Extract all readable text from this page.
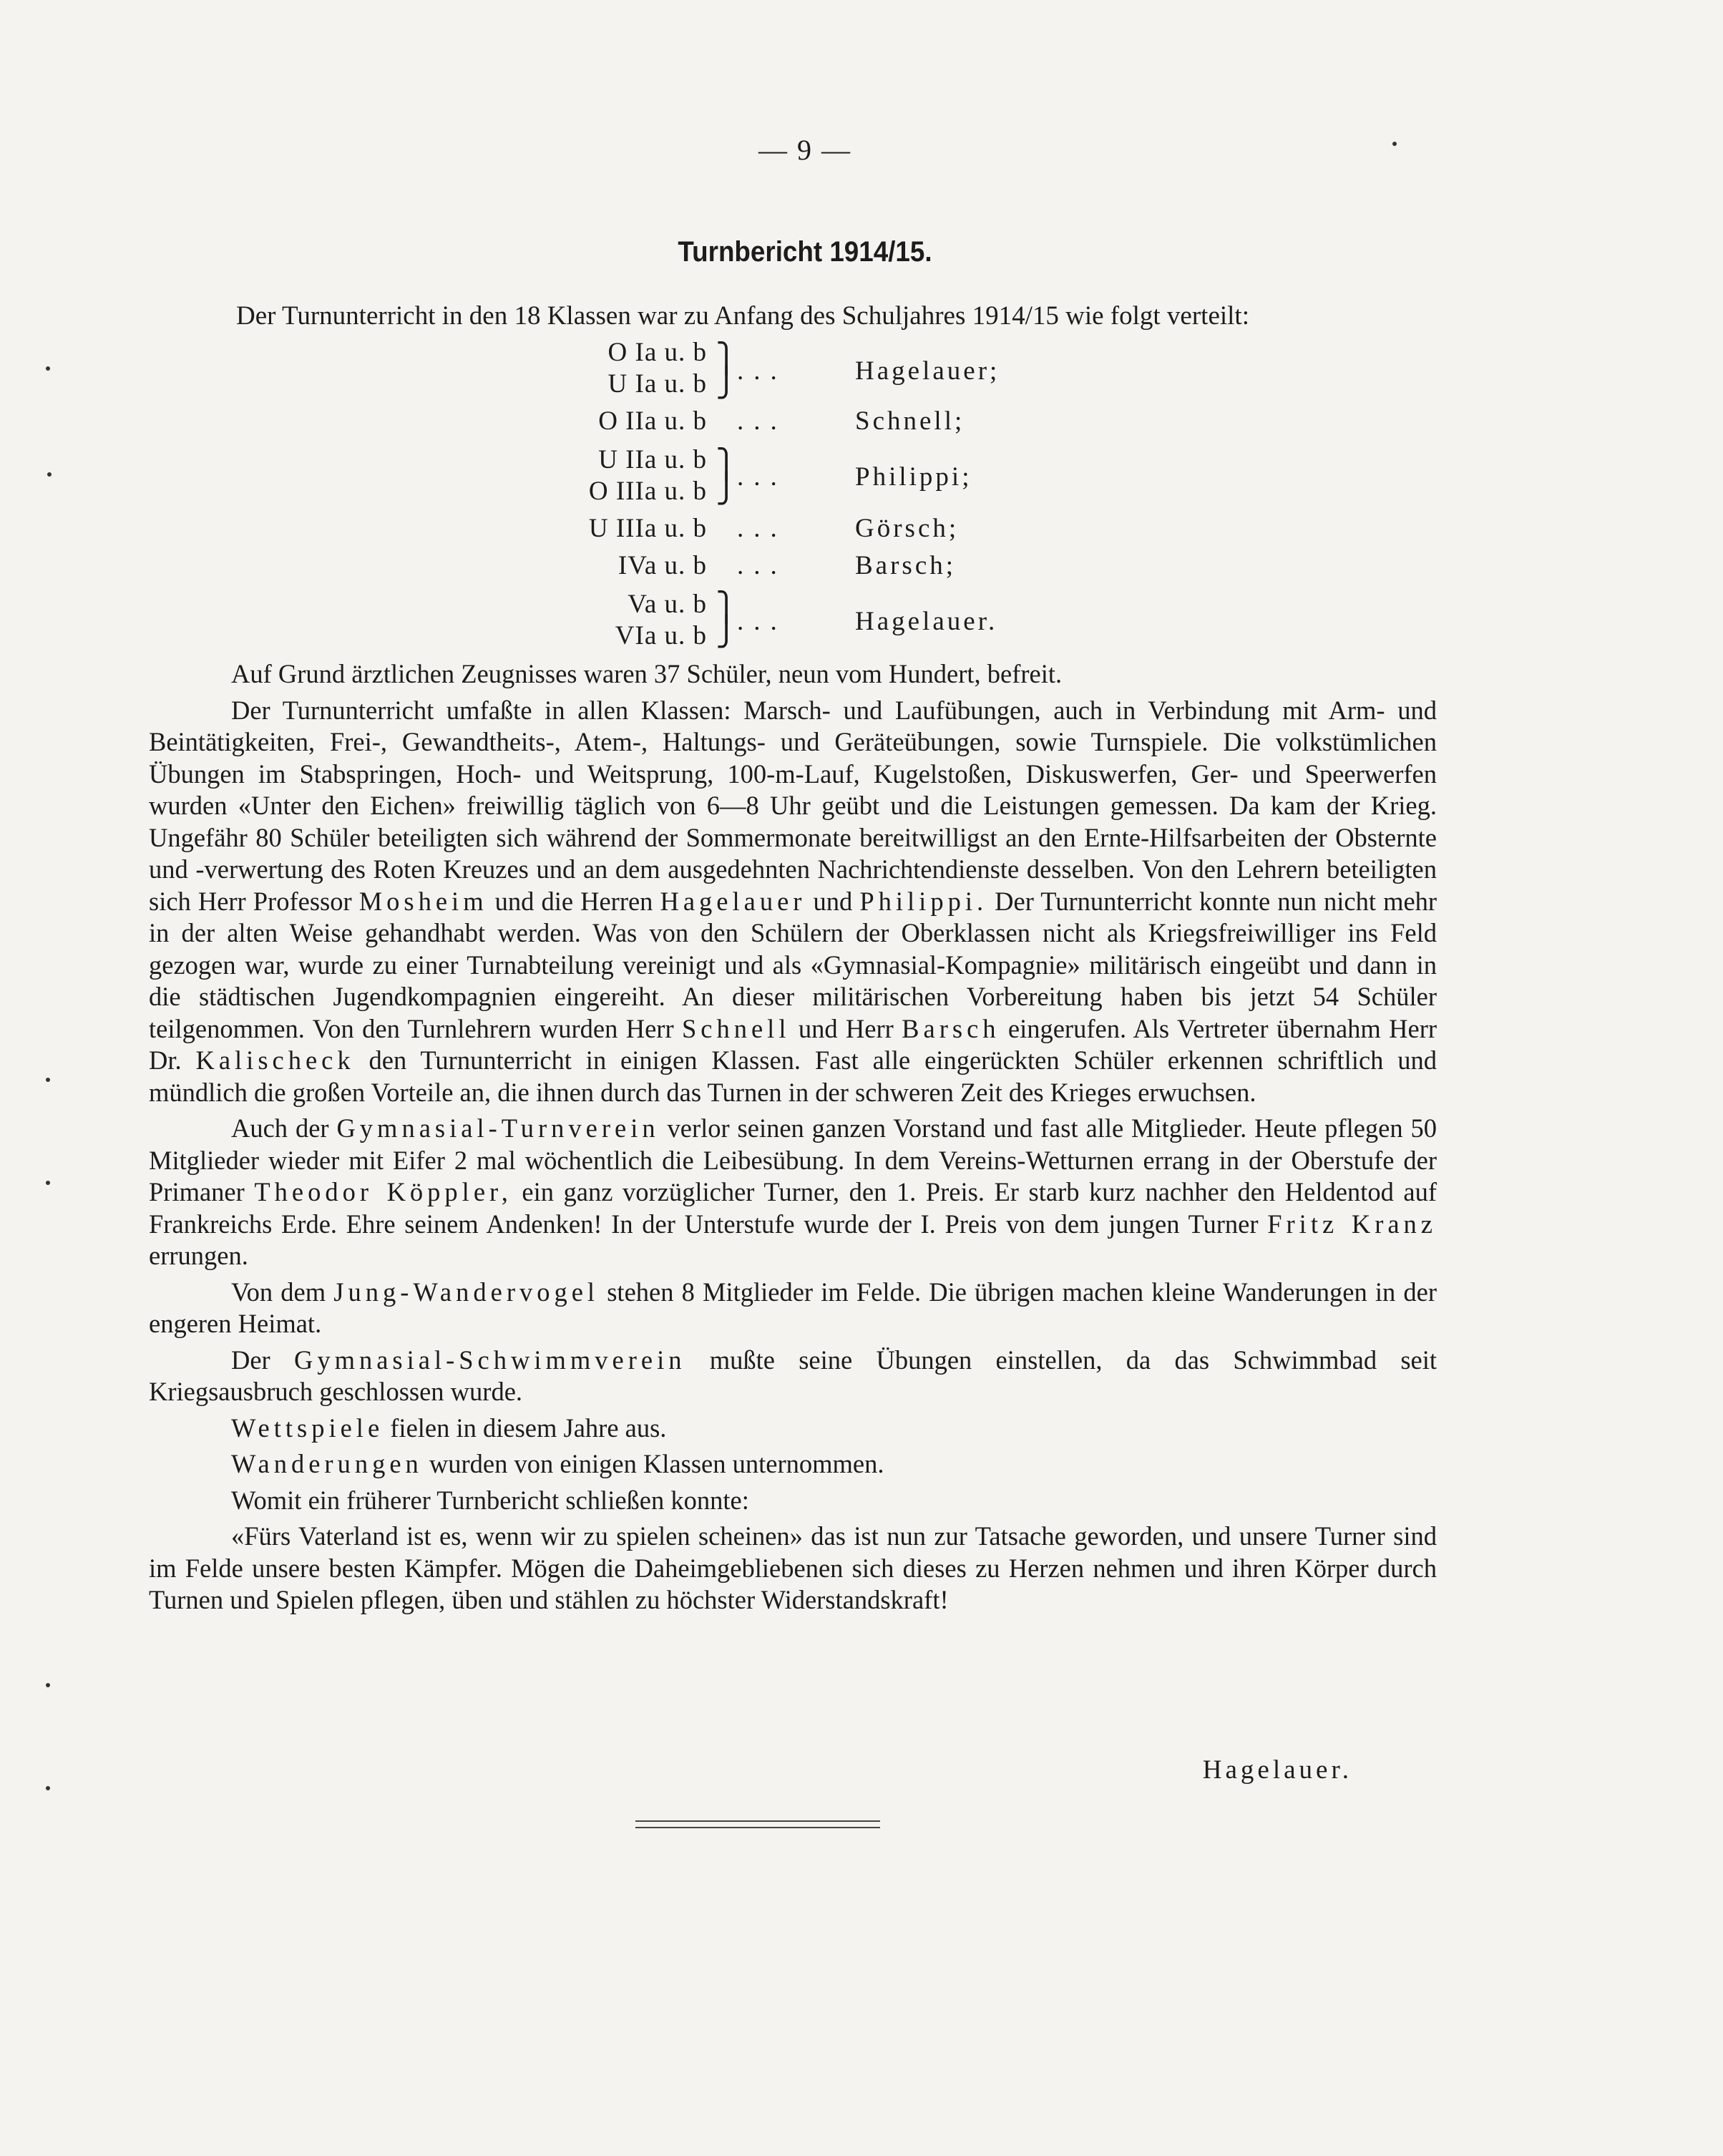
— 9 —
Turnbericht 1914/15.
Der Turnunterricht in den 18 Klassen war zu Anfang des Schuljahres 1914/15 wie folgt verteilt:
O Ia u. b
U Ia u. b
⎫
⎭ ...	Hagelauer;
O IIa u. b ...	Schnell;
U IIa u. b
O IIIa u. b
⎫
⎭ ...	Philippi;
U IIIa u. b ...	Görsch;
IVa u. b ...	Barsch;
Va u. b
VIa u. b
⎫
⎭ ...	Hagelauer.

Auf Grund ärztlichen Zeugnisses waren 37 Schüler, neun vom Hundert, befreit.

Der Turnunterricht umfaßte in allen Klassen: Marsch- und Laufübungen, auch in Verbindung mit Arm- und Beintätigkeiten, Frei-, Gewandtheits-, Atem-, Haltungs- und Geräteübungen, sowie Turnspiele. Die volkstümlichen Übungen im Stabspringen, Hoch- und Weitsprung, 100-m-Lauf, Kugelstoßen, Diskuswerfen, Ger- und Speerwerfen wurden «Unter den Eichen» freiwillig täglich von 6—8 Uhr geübt und die Leistungen gemessen. Da kam der Krieg. Ungefähr 80 Schüler beteiligten sich während der Sommermonate bereitwilligst an den Ernte-Hilfsarbeiten der Obsternte und -verwertung des Roten Kreuzes und an dem ausgedehnten Nachrichtendienste desselben. Von den Lehrern beteiligten sich Herr Professor Mosheim und die Herren Hagelauer und Philippi. Der Turnunterricht konnte nun nicht mehr in der alten Weise gehandhabt werden. Was von den Schülern der Oberklassen nicht als Kriegsfreiwilliger ins Feld gezogen war, wurde zu einer Turnabteilung vereinigt und als «Gymnasial-Kompagnie» militärisch eingeübt und dann in die städtischen Jugendkompagnien eingereiht. An dieser militärischen Vorbereitung haben bis jetzt 54 Schüler teilgenommen. Von den Turnlehrern wurden Herr Schnell und Herr Barsch eingerufen. Als Vertreter übernahm Herr Dr. Kalischeck den Turnunterricht in einigen Klassen. Fast alle eingerückten Schüler erkennen schriftlich und mündlich die großen Vorteile an, die ihnen durch das Turnen in der schweren Zeit des Krieges erwuchsen.

Auch der Gymnasial-Turnverein verlor seinen ganzen Vorstand und fast alle Mitglieder. Heute pflegen 50 Mitglieder wieder mit Eifer 2 mal wöchentlich die Leibesübung. In dem Vereins-Wetturnen errang in der Oberstufe der Primaner Theodor Köppler, ein ganz vorzüglicher Turner, den 1. Preis. Er starb kurz nachher den Heldentod auf Frankreichs Erde. Ehre seinem Andenken! In der Unterstufe wurde der I. Preis von dem jungen Turner Fritz Kranz errungen.

Von dem Jung-Wandervogel stehen 8 Mitglieder im Felde. Die übrigen machen kleine Wanderungen in der engeren Heimat.

Der Gymnasial-Schwimmverein mußte seine Übungen einstellen, da das Schwimmbad seit Kriegsausbruch geschlossen wurde.

Wettspiele fielen in diesem Jahre aus.

Wanderungen wurden von einigen Klassen unternommen.

Womit ein früherer Turnbericht schließen konnte:

«Fürs Vaterland ist es, wenn wir zu spielen scheinen» das ist nun zur Tatsache geworden, und unsere Turner sind im Felde unsere besten Kämpfer. Mögen die Daheimgebliebenen sich dieses zu Herzen nehmen und ihren Körper durch Turnen und Spielen pflegen, üben und stählen zu höchster Widerstandskraft!

Hagelauer.
